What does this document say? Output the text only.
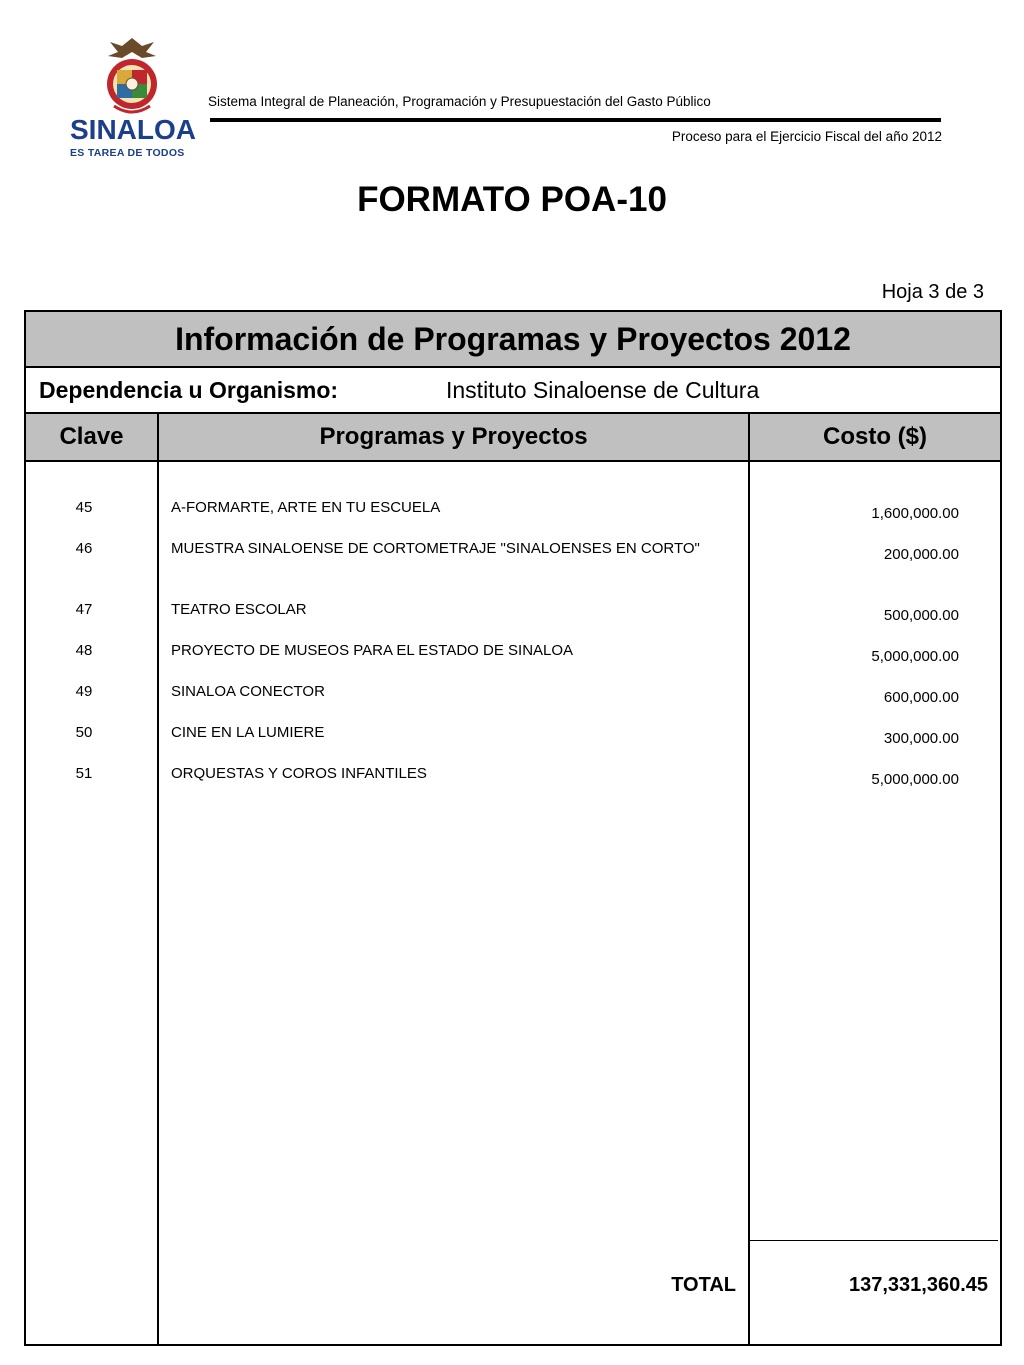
SINALOA
ES TAREA DE TODOS
Sistema Integral de Planeación, Programación y Presupuestación del Gasto Público
Proceso para el Ejercicio Fiscal del año 2012
FORMATO POA-10
Hoja 3 de 3
Información de Programas y Proyectos 2012
Dependencia u Organismo:	Instituto Sinaloense de Cultura
Clave	Programas y Proyectos	Costo ($)
45	A-FORMARTE, ARTE EN TU ESCUELA	1,600,000.00
46	MUESTRA SINALOENSE DE CORTOMETRAJE "SINALOENSES EN CORTO"	200,000.00
47	TEATRO ESCOLAR	500,000.00
48	PROYECTO DE MUSEOS PARA EL ESTADO DE SINALOA	5,000,000.00
49	SINALOA CONECTOR	600,000.00
50	CINE EN LA LUMIERE	300,000.00
51	ORQUESTAS Y COROS INFANTILES	5,000,000.00
TOTAL	137,331,360.45
